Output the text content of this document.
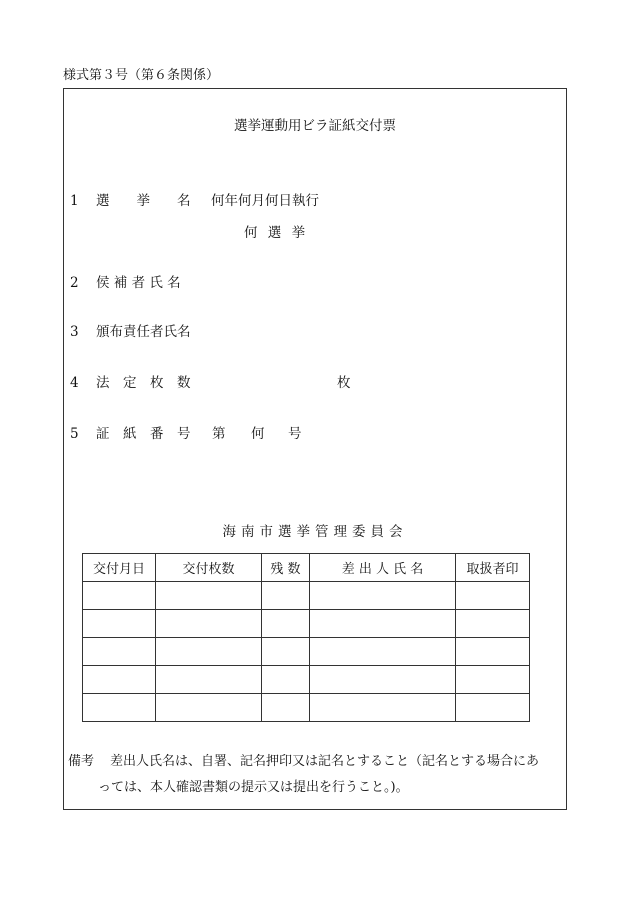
様式第３号（第６条関係）
選挙運動用ビラ証紙交付票
1 選　　挙　　名 何年何月何日執行
何 選 挙
2 侯 補 者 氏 名
3 頒布責任者氏名
4 法　定　枚　数	枚
5 証　紙　番　号 第 何 号
海南市選挙管理委員会
交付月日	交付枚数	残 数	差 出 人 氏 名	取扱者印

備考 差出人氏名は、自署、記名押印又は記名とすること（記名とする場合にあ
っては、本人確認書類の提示又は提出を行うこと。)。
